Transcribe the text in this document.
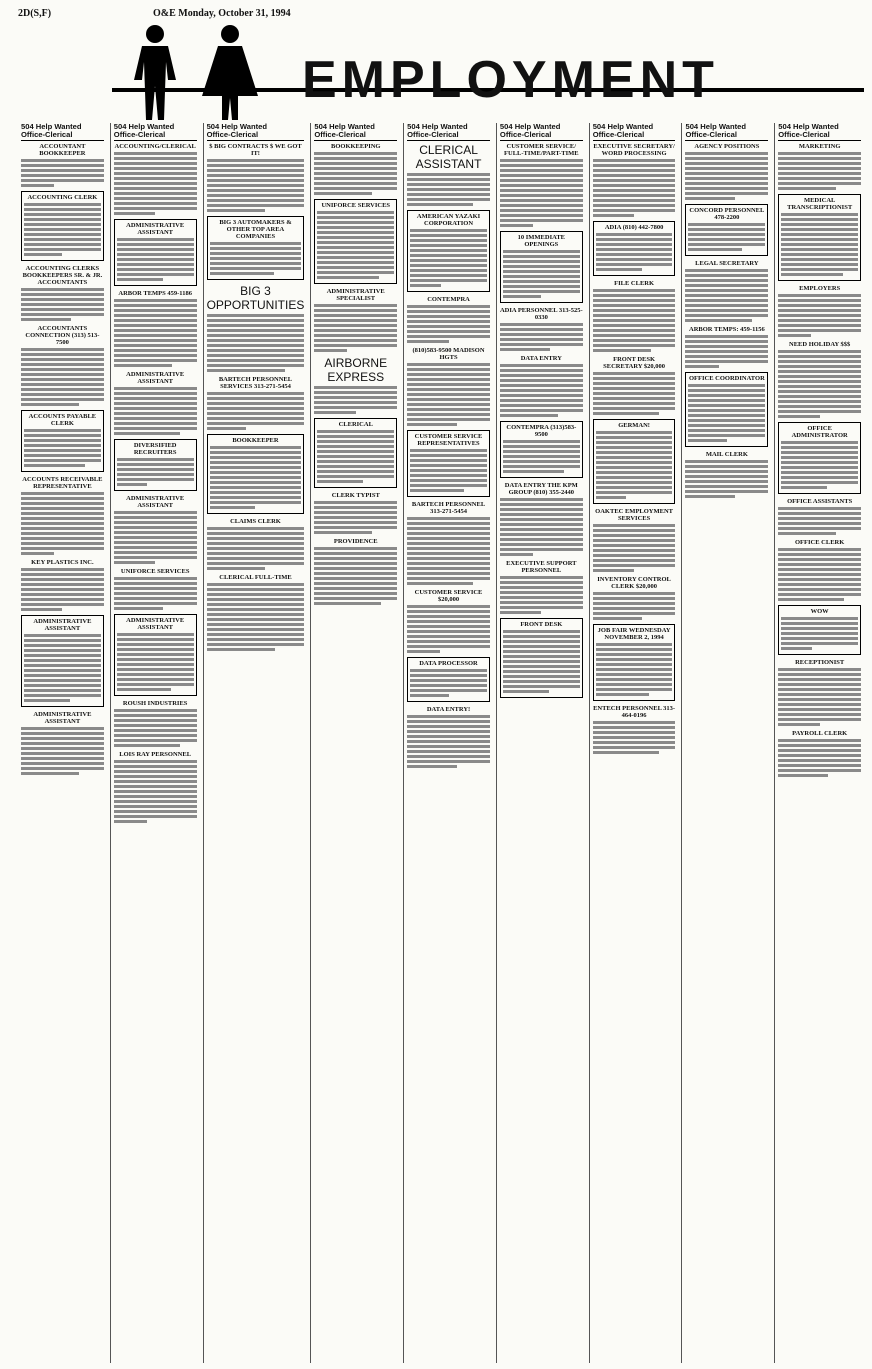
2D(S,F)	O&E Monday, October 31, 1994
EMPLOYMENT
504 Help Wanted
Office-Clerical
ACCOUNTANT BOOKKEEPER
ACCOUNTING CLERK
ACCOUNTING CLERKS BOOKKEEPERS SR. & JR. ACCOUNTANTS
ACCOUNTANTS CONNECTION (313) 513-7500
ACCOUNTS PAYABLE CLERK
ACCOUNTS RECEIVABLE REPRESENTATIVE
KEY PLASTICS INC.
ADMINISTRATIVE ASSISTANT
ADMINISTRATIVE ASSISTANT
504 Help Wanted
Office-Clerical
ACCOUNTING/CLERICAL
ADMINISTRATIVE ASSISTANT
ARBOR TEMPS 459-1186
ADMINISTRATIVE ASSISTANT
DIVERSIFIED RECRUITERS
ADMINISTRATIVE ASSISTANT
UNIFORCE SERVICES
ADMINISTRATIVE ASSISTANT
ROUSH INDUSTRIES
LOIS RAY PERSONNEL
504 Help Wanted
Office-Clerical
$ BIG CONTRACTS $ WE GOT IT!
BIG 3 AUTOMAKERS & OTHER TOP AREA COMPANIES
BIG 3 OPPORTUNITIES
BARTECH PERSONNEL SERVICES 313-271-5454
BOOKKEEPER
CLAIMS CLERK
CLERICAL FULL-TIME
504 Help Wanted
Office-Clerical
BOOKKEEPING
UNIFORCE SERVICES
ADMINISTRATIVE SPECIALIST
AIRBORNE EXPRESS
CLERICAL
CLERK TYPIST
PROVIDENCE
504 Help Wanted
Office-Clerical
CLERICAL ASSISTANT
AMERICAN YAZAKI CORPORATION
CONTEMPRA
(810)583-9500 MADISON HGTS
CUSTOMER SERVICE REPRESENTATIVES
BARTECH PERSONNEL 313-271-5454
CUSTOMER SERVICE $20,000
DATA PROCESSOR
DATA ENTRY!
504 Help Wanted
Office-Clerical
CUSTOMER SERVICE/ FULL-TIME/PART-TIME
10 IMMEDIATE OPENINGS
ADIA PERSONNEL 313-525-0330
DATA ENTRY
CONTEMPRA (313)583-9500
DATA ENTRY THE KPM GROUP (810) 355-2440
EXECUTIVE SUPPORT PERSONNEL
FRONT DESK
504 Help Wanted
Office-Clerical
EXECUTIVE SECRETARY/ WORD PROCESSING
ADIA (810) 442-7800
FILE CLERK
FRONT DESK SECRETARY $20,000
GERMAN!
OAKTEC EMPLOYMENT SERVICES
INVENTORY CONTROL CLERK $20,000
JOB FAIR WEDNESDAY NOVEMBER 2, 1994
ENTECH PERSONNEL 313-464-0196
504 Help Wanted
Office-Clerical
AGENCY POSITIONS
CONCORD PERSONNEL 478-2200
LEGAL SECRETARY
ARBOR TEMPS: 459-1156
OFFICE COORDINATOR
MAIL CLERK
504 Help Wanted
Office-Clerical
MARKETING
MEDICAL TRANSCRIPTIONIST
EMPLOYERS
NEED HOLIDAY $$$
OFFICE ADMINISTRATOR
OFFICE ASSISTANTS
OFFICE CLERK
WOW
RECEPTIONIST
PAYROLL CLERK
